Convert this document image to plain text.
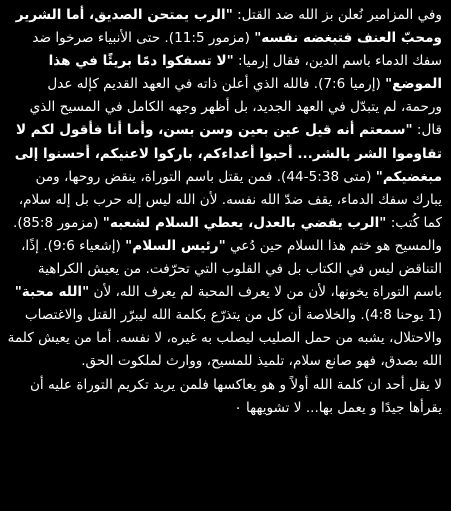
وفي المزامير نُعلن بز الله ضد القتل: "الرب يمتحن الصديق، أما الشرير ومحبّ العنف فتبغضه نفسه" (مزمور 11:5). حتى الأنبياء صرخوا ضد سفك الدماء باسم الدين، فقال إرميا: "لا تسفكوا دمًا بريئًا في هذا الموضع" (إرميا 7:6). فالله الذي أعلن ذاته في العهد القديم كإله عدل ورحمة، لم يتبدّل في العهد الجديد، بل أظهر وجهه الكامل في المسيح الذي قال: "سمعتم أنه قيل عين بعين وسن بسن، وأما أنا فأقول لكم لا تقاوموا الشر بالشر... أحبوا أعداءكم، باركوا لاعنيكم، أحسنوا إلى مبغضيكم" (متى 5:38-44). فمن يقتل باسم التوراة، ينقض روحها، ومن يبارك سفك الدماء، يقف ضدّ الله نفسه. لأن الله ليس إله حرب بل إله سلام، كما كُتب: "الرب يقضي بالعدل، يعطي السلام لشعبه" (مزمور 85:8). والمسيح هو ختم هذا السلام حين دُعي "رئيس السلام" (إشعياء 9:6). إذًا، التناقض ليس في الكتاب بل في القلوب التي تحرّفت. من يعيش الكراهية باسم التوراة يخونها، لأن من لا يعرف المحبة لم يعرف الله، لأن "الله محبة" (1 يوحنا 4:8). والخلاصة أن كل من يتذرّع بكلمة الله ليبرّر القتل والاغتصاب والاحتلال، يشبه من حمل الصليب ليصلب به غيره، لا نفسه. أما من يعيش كلمة الله بصدق، فهو صانع سلام، تلميذ للمسيح، ووارث لملكوت الحق.

لا يقل أحد ان كلمة الله أولاً و هو يعاكسها فلمن يريد تكريم التوراة عليه أن يقرأها جيدًا و يعمل بها... لا تشويهها ٠
